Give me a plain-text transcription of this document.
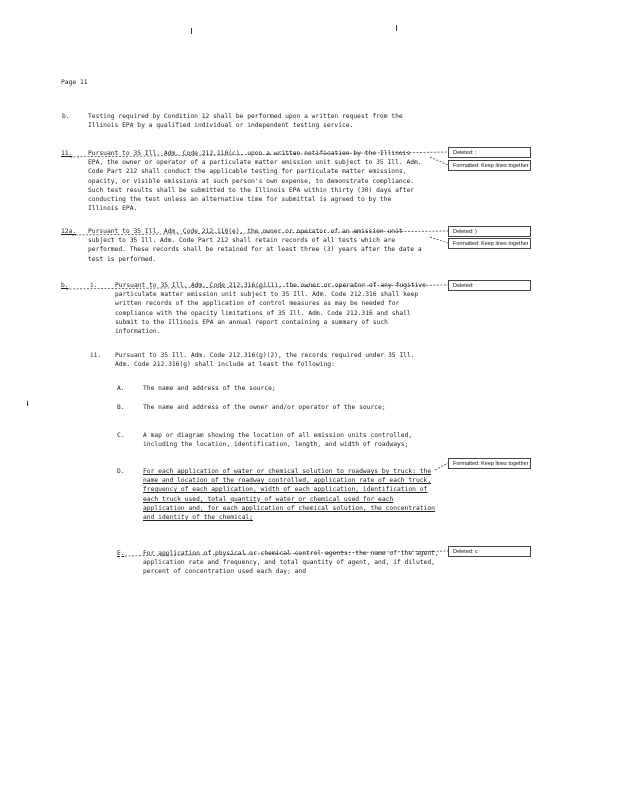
Page 11
b.	Testing required by Condition 12 shall be performed upon a written request from the Illinois EPA by a qualified individual or independent testing service.
11. Pursuant to 35 Ill. Adm. Code 212.110(c), upon a written notification by the Illinois EPA, the owner or operator of a particulate matter emission unit subject to 35 Ill. Adm. Code Part 212 shall conduct the applicable testing for particulate matter emissions, opacity, or visible emissions at such person's own expense, to demonstrate compliance. Such test results shall be submitted to the Illinois EPA within thirty (30) days after conducting the test unless an alternative time for submittal is agreed to by the Illinois EPA.
12a. Pursuant to 35 Ill. Adm. Code 212.110(e), the owner or operator of an emission unit subject to 35 Ill. Adm. Code Part 212 shall retain records of all tests which are performed. These records shall be retained for at least three (3) years after the date a test is performed.
b.	i.	Pursuant to 35 Ill. Adm. Code 212.316(g)(1), the owner or operator of any fugitive particulate matter emission unit subject to 35 Ill. Adm. Code 212.316 shall keep written records of the application of control measures as may be needed for compliance with the opacity limitations of 35 Ill. Adm. Code 212.316 and shall submit to the Illinois EPA an annual report containing a summary of such information.
ii. Pursuant to 35 Ill. Adm. Code 212.316(g)(2), the records required under 35 Ill. Adm. Code 212.316(g) shall include at least the following:
A.	The name and address of the source;
B.	The name and address of the owner and/or operator of the source;
C.	A map or diagram showing the location of all emission units controlled, including the location, identification, length, and width of roadways;
D.	For each application of water or chemical solution to roadways by truck: the name and location of the roadway controlled, application rate of each truck, frequency of each application, width of each application, identification of each truck used, total quantity of water or chemical used for each application and, for each application of chemical solution, the concentration and identity of the chemical;
E.	For application of physical or chemical control agents: the name of the agent, application rate and frequency, and total quantity of agent, and, if diluted, percent of concentration used each day; and
Deleted: ;
Formatted: Keep lines together
Deleted: )
Formatted: Keep lines together
Deleted:
Formatted: Keep lines together
Deleted: c
